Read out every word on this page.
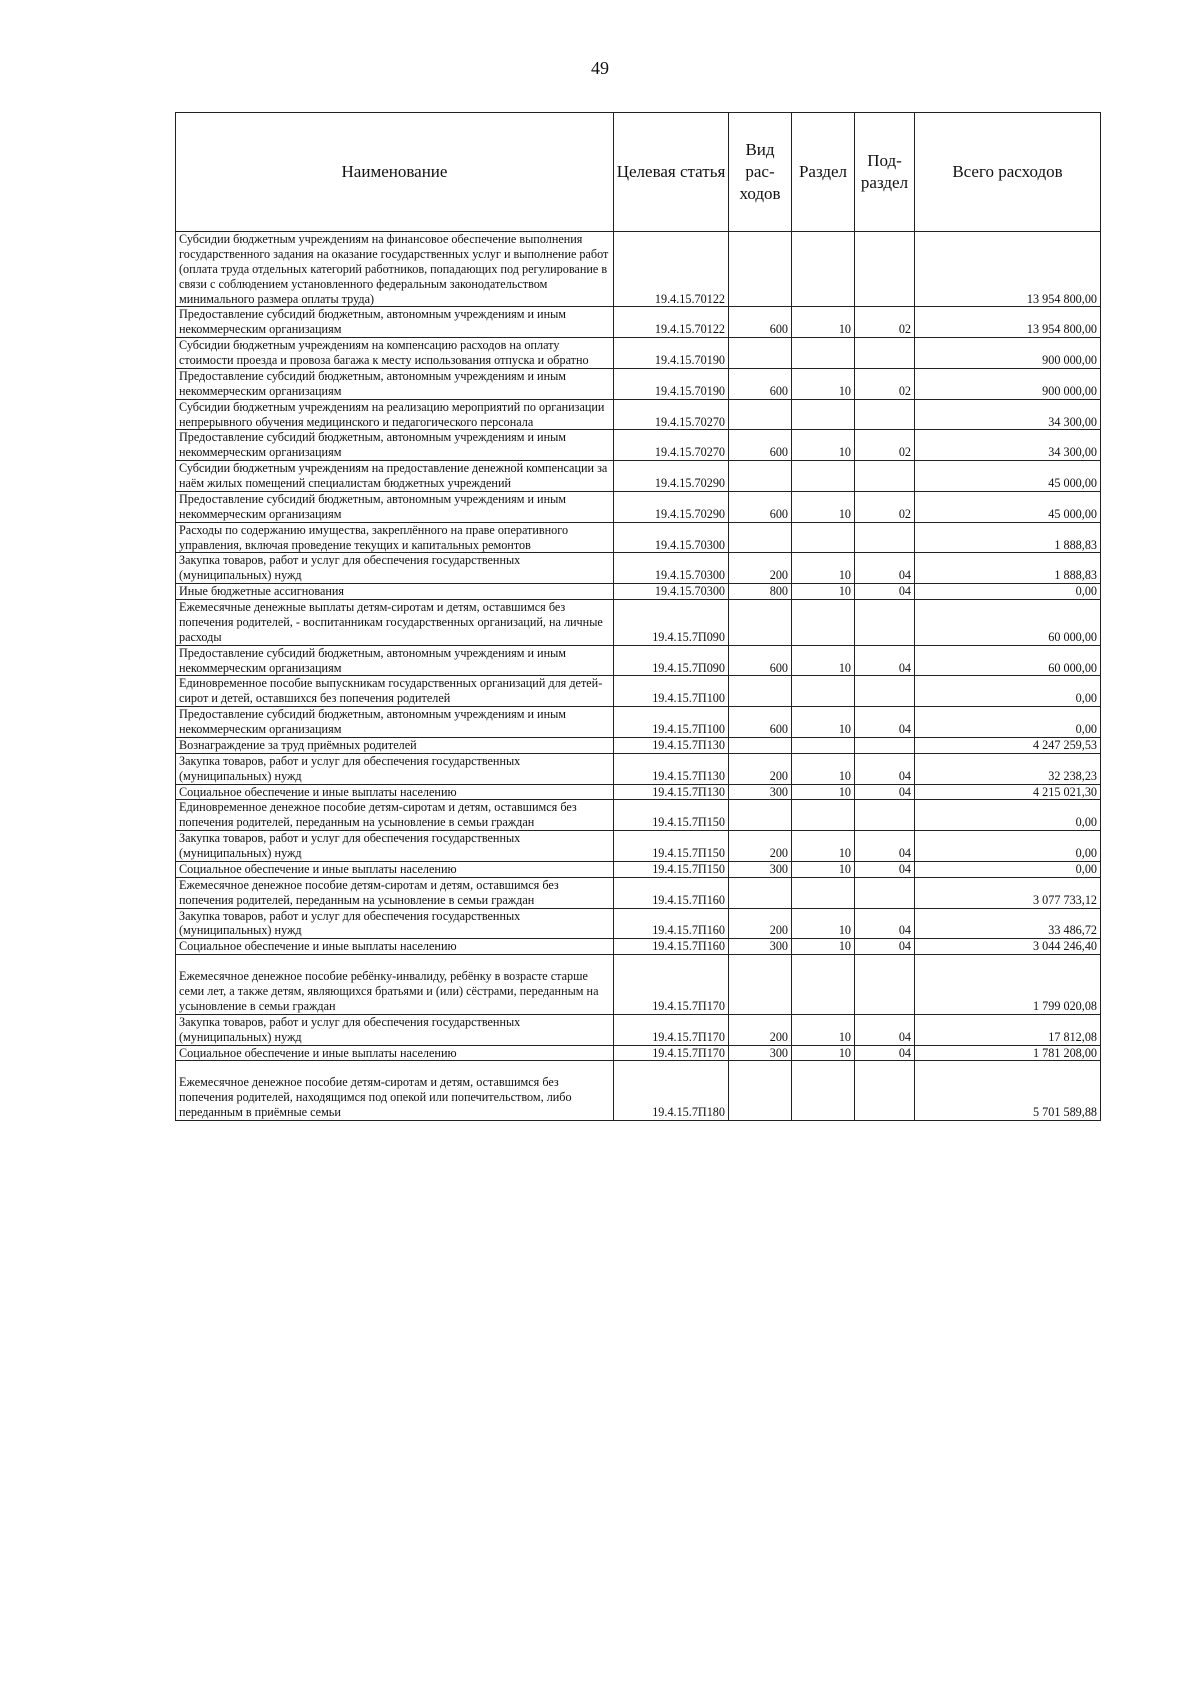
49
Наименование	Целевая статья	Вид рас-ходов	Раздел	Под-раздел	Всего расходов
Субсидии бюджетным учреждениям на финансовое обеспечение выполнения государственного задания на оказание государственных услуг и выполнение работ (оплата труда отдельных категорий работников, попадающих под регулирование в связи с соблюдением установленного федеральным законодательством минимального размера оплаты труда)	19.4.15.70122				13 954 800,00
Предоставление субсидий бюджетным, автономным учреждениям и иным некоммерческим организациям	19.4.15.70122	600	10	02	13 954 800,00
Субсидии бюджетным учреждениям на компенсацию расходов на оплату стоимости проезда и провоза багажа к месту использования отпуска и обратно	19.4.15.70190				900 000,00
Предоставление субсидий бюджетным, автономным учреждениям и иным некоммерческим организациям	19.4.15.70190	600	10	02	900 000,00
Субсидии бюджетным учреждениям на реализацию мероприятий по организации непрерывного обучения медицинского и педагогического персонала	19.4.15.70270				34 300,00
Предоставление субсидий бюджетным, автономным учреждениям и иным некоммерческим организациям	19.4.15.70270	600	10	02	34 300,00
Субсидии бюджетным учреждениям на предоставление денежной компенсации за наём жилых помещений специалистам бюджетных учреждений	19.4.15.70290				45 000,00
Предоставление субсидий бюджетным, автономным учреждениям и иным некоммерческим организациям	19.4.15.70290	600	10	02	45 000,00
Расходы по содержанию имущества, закреплённого на праве оперативного управления, включая проведение текущих и капитальных ремонтов	19.4.15.70300				1 888,83
Закупка товаров, работ и услуг для обеспечения государственных (муниципальных) нужд	19.4.15.70300	200	10	04	1 888,83
Иные бюджетные ассигнования	19.4.15.70300	800	10	04	0,00
Ежемесячные денежные выплаты детям-сиротам и детям, оставшимся без попечения родителей, - воспитанникам государственных организаций, на личные расходы	19.4.15.7П090				60 000,00
Предоставление субсидий бюджетным, автономным учреждениям и иным некоммерческим организациям	19.4.15.7П090	600	10	04	60 000,00
Единовременное пособие выпускникам государственных организаций для детей-сирот и детей, оставшихся без попечения родителей	19.4.15.7П100				0,00
Предоставление субсидий бюджетным, автономным учреждениям и иным некоммерческим организациям	19.4.15.7П100	600	10	04	0,00
Вознаграждение за труд приёмных родителей	19.4.15.7П130				4 247 259,53
Закупка товаров, работ и услуг для обеспечения государственных (муниципальных) нужд	19.4.15.7П130	200	10	04	32 238,23
Социальное обеспечение и иные выплаты населению	19.4.15.7П130	300	10	04	4 215 021,30
Единовременное денежное пособие детям-сиротам и детям, оставшимся без попечения родителей, переданным на усыновление в семьи граждан	19.4.15.7П150				0,00
Закупка товаров, работ и услуг для обеспечения государственных (муниципальных) нужд	19.4.15.7П150	200	10	04	0,00
Социальное обеспечение и иные выплаты населению	19.4.15.7П150	300	10	04	0,00
Ежемесячное денежное пособие детям-сиротам и детям, оставшимся без попечения родителей, переданным на усыновление в семьи граждан	19.4.15.7П160				3 077 733,12
Закупка товаров, работ и услуг для обеспечения государственных (муниципальных) нужд	19.4.15.7П160	200	10	04	33 486,72
Социальное обеспечение и иные выплаты населению	19.4.15.7П160	300	10	04	3 044 246,40
Ежемесячное денежное пособие ребёнку-инвалиду, ребёнку в возрасте старше семи лет, а также детям, являющихся братьями и (или) сёстрами, переданным на усыновление в семьи граждан	19.4.15.7П170				1 799 020,08
Закупка товаров, работ и услуг для обеспечения государственных (муниципальных) нужд	19.4.15.7П170	200	10	04	17 812,08
Социальное обеспечение и иные выплаты населению	19.4.15.7П170	300	10	04	1 781 208,00
Ежемесячное денежное пособие детям-сиротам и детям, оставшимся без попечения родителей, находящимся под опекой или попечительством, либо переданным в приёмные семьи	19.4.15.7П180				5 701 589,88
